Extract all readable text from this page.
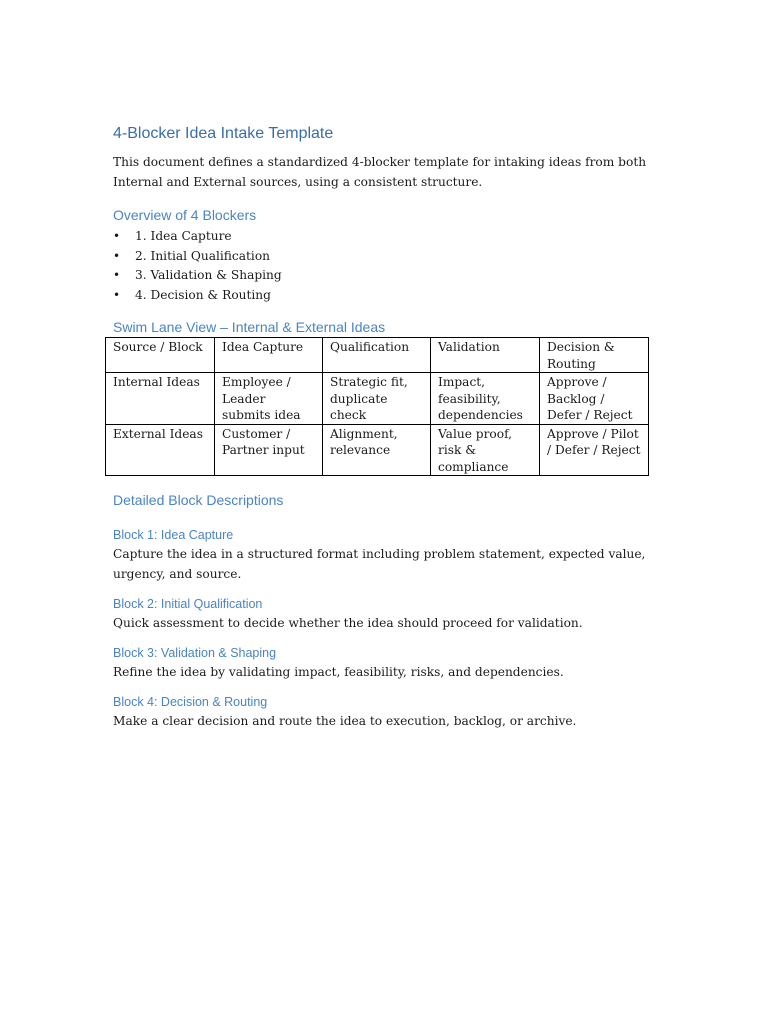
4-Blocker Idea Intake Template

This document defines a standardized 4-blocker template for intaking ideas from both Internal and External sources, using a consistent structure.

Overview of 4 Blockers
• 1. Idea Capture
• 2. Initial Qualification
• 3. Validation & Shaping
• 4. Decision & Routing
Swim Lane View – Internal & External Ideas
Source / Block	Idea Capture	Qualification	Validation	Decision & Routing
Internal Ideas	Employee / Leader submits idea	Strategic fit, duplicate check	Impact, feasibility, dependencies	Approve / Backlog / Defer / Reject
External Ideas	Customer / Partner input	Alignment, relevance	Value proof, risk & compliance	Approve / Pilot / Defer / Reject
Detailed Block Descriptions
Block 1: Idea Capture

Capture the idea in a structured format including problem statement, expected value, urgency, and source.

Block 2: Initial Qualification

Quick assessment to decide whether the idea should proceed for validation.

Block 3: Validation & Shaping

Refine the idea by validating impact, feasibility, risks, and dependencies.

Block 4: Decision & Routing

Make a clear decision and route the idea to execution, backlog, or archive.
